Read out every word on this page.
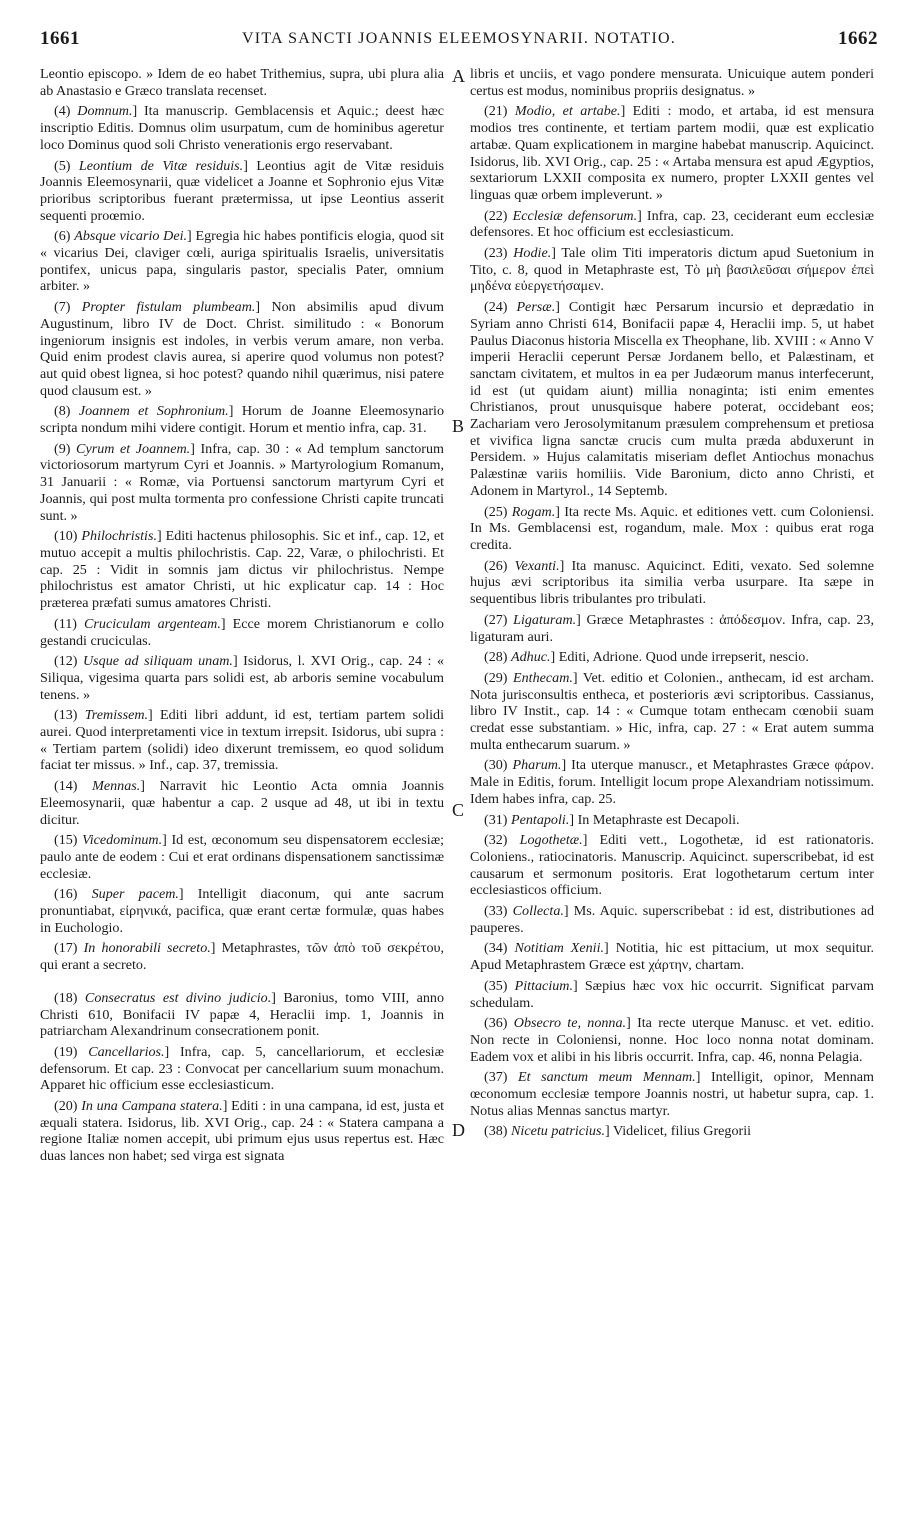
1661	VITA SANCTI JOANNIS ELEEMOSYNARII. NOTATIO.	1662
A
B
C
D

Leontio episcopo. » Idem de eo habet Trithemius, supra, ubi plura alia ab Anastasio e Græco translata recenset.

(4) Domnum.] Ita manuscrip. Gemblacensis et Aquic.; deest hæc inscriptio Editis. Domnus olim usurpatum, cum de hominibus ageretur loco Dominus quod soli Christo venerationis ergo reservabant.

(5) Leontium de Vitæ residuis.] Leontius agit de Vitæ residuis Joannis Eleemosynarii, quæ videlicet a Joanne et Sophronio ejus Vitæ prioribus scriptoribus fuerant prætermissa, ut ipse Leontius asserit sequenti proœmio.

(6) Absque vicario Dei.] Egregia hic habes pontificis elogia, quod sit « vicarius Dei, claviger cœli, auriga spiritualis Israelis, universitatis pontifex, unicus papa, singularis pastor, specialis Pater, omnium arbiter. »

(7) Propter fistulam plumbeam.] Non absimilis apud divum Augustinum, libro IV de Doct. Christ. similitudo : « Bonorum ingeniorum insignis est indoles, in verbis verum amare, non verba. Quid enim prodest clavis aurea, si aperire quod volumus non potest? aut quid obest lignea, si hoc potest? quando nihil quærimus, nisi patere quod clausum est. »

(8) Joannem et Sophronium.] Horum de Joanne Eleemosynario scripta nondum mihi videre contigit. Horum et mentio infra, cap. 31.

(9) Cyrum et Joannem.] Infra, cap. 30 : « Ad templum sanctorum victoriosorum martyrum Cyri et Joannis. » Martyrologium Romanum, 31 Januarii : « Romæ, via Portuensi sanctorum martyrum Cyri et Joannis, qui post multa tormenta pro confessione Christi capite truncati sunt. »

(10) Philochristis.] Editi hactenus philosophis. Sic et inf., cap. 12, et mutuo accepit a multis philochristis. Cap. 22, Varæ, o philochristi. Et cap. 25 : Vidit in somnis jam dictus vir philochristus. Nempe philochristus est amator Christi, ut hic explicatur cap. 14 : Hoc præterea præfati sumus amatores Christi.

(11) Cruciculam argenteam.] Ecce morem Christianorum e collo gestandi cruciculas.

(12) Usque ad siliquam unam.] Isidorus, l. XVI Orig., cap. 24 : « Siliqua, vigesima quarta pars solidi est, ab arboris semine vocabulum tenens. »

(13) Tremissem.] Editi libri addunt, id est, tertiam partem solidi aurei. Quod interpretamenti vice in textum irrepsit. Isidorus, ubi supra : « Tertiam partem (solidi) ideo dixerunt tremissem, eo quod solidum faciat ter missus. » Inf., cap. 37, tremissia.

(14) Mennas.] Narravit hic Leontio Acta omnia Joannis Eleemosynarii, quæ habentur a cap. 2 usque ad 48, ut ibi in textu dicitur.

(15) Vicedominum.] Id est, œconomum seu dispensatorem ecclesiæ; paulo ante de eodem : Cui et erat ordinans dispensationem sanctissimæ ecclesiæ.

(16) Super pacem.] Intelligit diaconum, qui ante sacrum pronuntiabat, εἰρηνικά, pacifica, quæ erant certæ formulæ, quas habes in Euchologio.

(17) In honorabili secreto.] Metaphrastes, τῶν ἀπὸ τοῦ σεκρέτου, qui erant a secreto.

(18) Consecratus est divino judicio.] Baronius, tomo VIII, anno Christi 610, Bonifacii IV papæ 4, Heraclii imp. 1, Joannis in patriarcham Alexandrinum consecrationem ponit.

(19) Cancellarios.] Infra, cap. 5, cancellariorum, et ecclesiæ defensorum. Et cap. 23 : Convocat per cancellarium suum monachum. Apparet hic officium esse ecclesiasticum.

(20) In una Campana statera.] Editi : in una campana, id est, justa et æquali statera. Isidorus, lib. XVI Orig., cap. 24 : « Statera campana a regione Italiæ nomen accepit, ubi primum ejus usus repertus est. Hæc duas lances non habet; sed virga est signata

libris et unciis, et vago pondere mensurata. Unicuique autem ponderi certus est modus, nominibus propriis designatus. »

(21) Modio, et artabe.] Editi : modo, et artaba, id est mensura modios tres continente, et tertiam partem modii, quæ est explicatio artabæ. Quam explicationem in margine habebat manuscrip. Aquicinct. Isidorus, lib. XVI Orig., cap. 25 : « Artaba mensura est apud Ægyptios, sextariorum LXXII composita ex numero, propter LXXII gentes vel linguas quæ orbem impleverunt. »

(22) Ecclesiæ defensorum.] Infra, cap. 23, ceciderant eum ecclesiæ defensores. Et hoc officium est ecclesiasticum.

(23) Hodie.] Tale olim Titi imperatoris dictum apud Suetonium in Tito, c. 8, quod in Metaphraste est, Τὸ μὴ βασιλεῦσαι σήμερον ἐπεὶ μηδένα εὐεργετήσαμεν.

(24) Persæ.] Contigit hæc Persarum incursio et deprædatio in Syriam anno Christi 614, Bonifacii papæ 4, Heraclii imp. 5, ut habet Paulus Diaconus historia Miscella ex Theophane, lib. XVIII : « Anno V imperii Heraclii ceperunt Persæ Jordanem bello, et Palæstinam, et sanctam civitatem, et multos in ea per Judæorum manus interfecerunt, id est (ut quidam aiunt) millia nonaginta; isti enim ementes Christianos, prout unusquisque habere poterat, occidebant eos; Zachariam vero Jerosolymitanum præsulem comprehensum et pretiosa et vivifica ligna sanctæ crucis cum multa præda abduxerunt in Persidem. » Hujus calamitatis miseriam deflet Antiochus monachus Palæstinæ variis homiliis. Vide Baronium, dicto anno Christi, et Adonem in Martyrol., 14 Septemb.

(25) Rogam.] Ita recte Ms. Aquic. et editiones vett. cum Coloniensi. In Ms. Gemblacensi est, rogandum, male. Mox : quibus erat roga credita.

(26) Vexanti.] Ita manusc. Aquicinct. Editi, vexato. Sed solemne hujus ævi scriptoribus ita similia verba usurpare. Ita sæpe in sequentibus libris tribulantes pro tribulati.

(27) Ligaturam.] Græce Metaphrastes : ἀπόδεσμον. Infra, cap. 23, ligaturam auri.

(28) Adhuc.] Editi, Adrione. Quod unde irrepserit, nescio.

(29) Enthecam.] Vet. editio et Colonien., anthecam, id est archam. Nota jurisconsultis entheca, et posterioris ævi scriptoribus. Cassianus, libro IV Instit., cap. 14 : « Cumque totam enthecam cœnobii suam credat esse substantiam. » Hic, infra, cap. 27 : « Erat autem summa multa enthecarum suarum. »

(30) Pharum.] Ita uterque manuscr., et Metaphrastes Græce φάρον. Male in Editis, forum. Intelligit locum prope Alexandriam notissimum. Idem habes infra, cap. 25.

(31) Pentapoli.] In Metaphraste est Decapoli.

(32) Logothetæ.] Editi vett., Logothetæ, id est rationatoris. Coloniens., ratiocinatoris. Manuscrip. Aquicinct. superscribebat, id est causarum et sermonum positoris. Erat logothetarum certum inter ecclesiasticos officium.

(33) Collecta.] Ms. Aquic. superscribebat : id est, distributiones ad pauperes.

(34) Notitiam Xenii.] Notitia, hic est pittacium, ut mox sequitur. Apud Metaphrastem Græce est χάρτην, chartam.

(35) Pittacium.] Sæpius hæc vox hic occurrit. Significat parvam schedulam.

(36) Obsecro te, nonna.] Ita recte uterque Manusc. et vet. editio. Non recte in Coloniensi, nonne. Hoc loco nonna notat dominam. Eadem vox et alibi in his libris occurrit. Infra, cap. 46, nonna Pelagia.

(37) Et sanctum meum Mennam.] Intelligit, opinor, Mennam œconomum ecclesiæ tempore Joannis nostri, ut habetur supra, cap. 1. Notus alias Mennas sanctus martyr.

(38) Nicetu patricius.] Videlicet, filius Gregorii
